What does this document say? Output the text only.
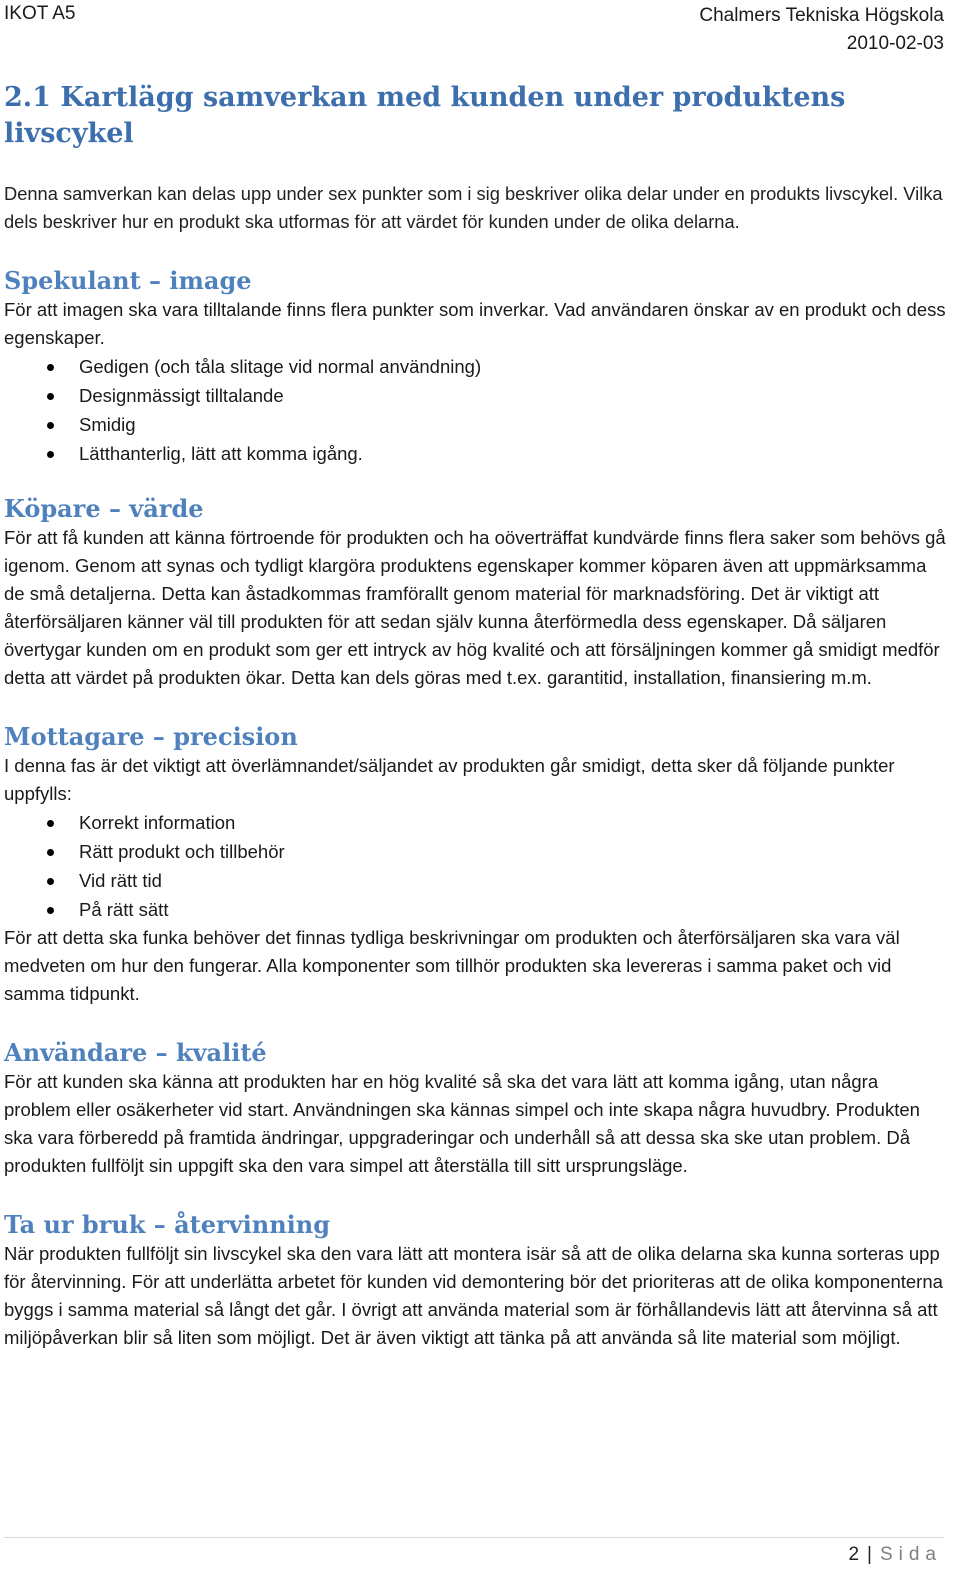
IKOT A5	Chalmers Tekniska Högskola
2010-02-03
2.1 Kartlägg samverkan med kunden under produktens livscykel

Denna samverkan kan delas upp under sex punkter som i sig beskriver olika delar under en produkts livscykel. Vilka dels beskriver hur en produkt ska utformas för att värdet för kunden under de olika delarna.

Spekulant – image

För att imagen ska vara tilltalande finns flera punkter som inverkar. Vad användaren önskar av en produkt och dess egenskaper.

Gedigen (och tåla slitage vid normal användning)
Designmässigt tilltalande
Smidig
Lätthanterlig, lätt att komma igång.
Köpare – värde

För att få kunden att känna förtroende för produkten och ha oöverträffat kundvärde finns flera saker som behövs gå igenom. Genom att synas och tydligt klargöra produktens egenskaper kommer köparen även att uppmärksamma de små detaljerna. Detta kan åstadkommas framförallt genom material för marknadsföring. Det är viktigt att återförsäljaren känner väl till produkten för att sedan själv kunna återförmedla dess egenskaper. Då säljaren övertygar kunden om en produkt som ger ett intryck av hög kvalité och att försäljningen kommer gå smidigt medför detta att värdet på produkten ökar. Detta kan dels göras med t.ex. garantitid, installation, finansiering m.m.

Mottagare – precision

I denna fas är det viktigt att överlämnandet/säljandet av produkten går smidigt, detta sker då följande punkter uppfylls:

Korrekt information
Rätt produkt och tillbehör
Vid rätt tid
På rätt sätt

För att detta ska funka behöver det finnas tydliga beskrivningar om produkten och återförsäljaren ska vara väl medveten om hur den fungerar. Alla komponenter som tillhör produkten ska levereras i samma paket och vid samma tidpunkt.

Användare – kvalité

För att kunden ska känna att produkten har en hög kvalité så ska det vara lätt att komma igång, utan några problem eller osäkerheter vid start. Användningen ska kännas simpel och inte skapa några huvudbry. Produkten ska vara förberedd på framtida ändringar, uppgraderingar och underhåll så att dessa ska ske utan problem. Då produkten fullföljt sin uppgift ska den vara simpel att återställa till sitt ursprungsläge.

Ta ur bruk – återvinning

När produkten fullföljt sin livscykel ska den vara lätt att montera isär så att de olika delarna ska kunna sorteras upp för återvinning. För att underlätta arbetet för kunden vid demontering bör det prioriteras att de olika komponenterna byggs i samma material så långt det går. I övrigt att använda material som är förhållandevis lätt att återvinna så att miljöpåverkan blir så liten som möjligt. Det är även viktigt att tänka på att använda så lite material som möjligt.

2 | Sida
